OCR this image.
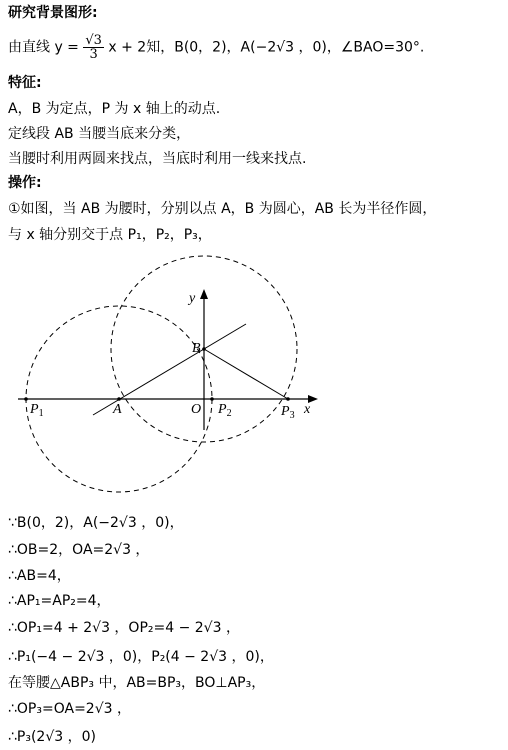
研究背景图形:
由直线 $y = \frac{√3}{3}$ x + 2知，B(0，2)，A(−2√3 ，0)，∠BAO=30°.
特征:
A，B 为定点，P 为 x 轴上的动点.
定线段 AB 当腰当底来分类，
当腰时利用两圆来找点，当底时利用一线来找点.
操作:
①如图，当 AB 为腰时，分别以点 A，B 为圆心，AB 长为半径作圆，
与 x 轴分别交于点 P₁，P₂，P₃，
y
x
B
O
A
$P_1$	$P_2$	$P_3$
∵B(0，2)，A(−2√3 ，0)，
∴OB=2，OA=2√3 ，
∴AB=4，
∴AP₁=AP₂=4，
∴OP₁=4 + 2√3 ，OP₂=4 − 2√3 ，
∴P₁(−4 − 2√3 ，0)，P₂(4 − 2√3 ，0)，
在等腰△ABP₃ 中，AB=BP₃，BO⊥AP₃，
∴OP₃=OA=2√3 ，
∴P₃(2√3 ，0)
